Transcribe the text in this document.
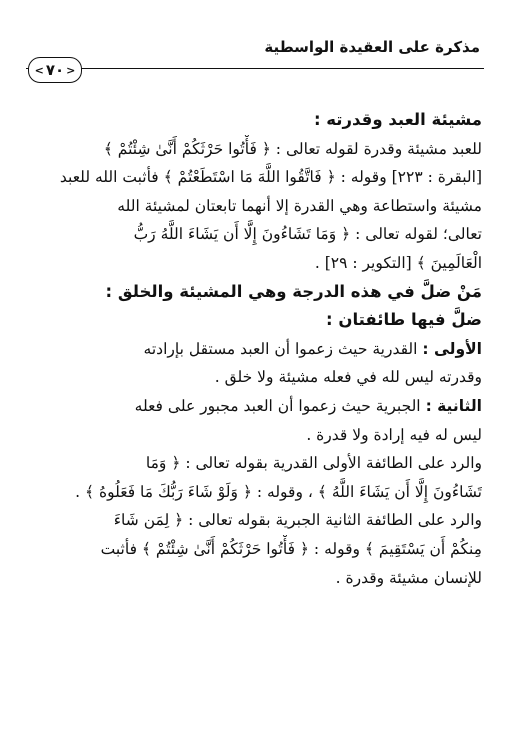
مذكرة على العقيدة الواسطية
< ٧٠ >
مشيئة العبد وقدرته :
للعبد مشيئة وقدرة لقوله تعالى : ﴿ فَأْتُوا حَرْثَكُمْ أَنَّىٰ شِئْتُمْ ﴾
[البقرة : ٢٢٣] وقوله : ﴿ فَاتَّقُوا اللَّهَ مَا اسْتَطَعْتُمْ ﴾ فأثبت الله للعبد
مشيئة واستطاعة وهي القدرة إلا أنهما تابعتان لمشيئة الله
تعالى؛ لقوله تعالى : ﴿ وَمَا تَشَاءُونَ إِلَّا أَن يَشَاءَ اللَّهُ رَبُّ
الْعَالَمِينَ ﴾ [التكوير : ٢٩] .
مَنْ ضلَّ في هذه الدرجة وهي المشيئة والخلق :
ضلَّ فيها طائفتان :
الأولى : القدرية حيث زعموا أن العبد مستقل بإرادته
وقدرته ليس لله في فعله مشيئة ولا خلق .
الثانية : الجبرية حيث زعموا أن العبد مجبور على فعله
ليس له فيه إرادة ولا قدرة .
والرد على الطائفة الأولى القدرية بقوله تعالى : ﴿ وَمَا
تَشَاءُونَ إِلَّا أَن يَشَاءَ اللَّهُ ﴾ ، وقوله : ﴿ وَلَوْ شَاءَ رَبُّكَ مَا فَعَلُوهُ ﴾ .
والرد على الطائفة الثانية الجبرية بقوله تعالى : ﴿ لِمَن شَاءَ
مِنكُمْ أَن يَسْتَقِيمَ ﴾ وقوله : ﴿ فَأْتُوا حَرْثَكُمْ أَنَّىٰ شِئْتُمْ ﴾ فأثبت
للإنسان مشيئة وقدرة .
